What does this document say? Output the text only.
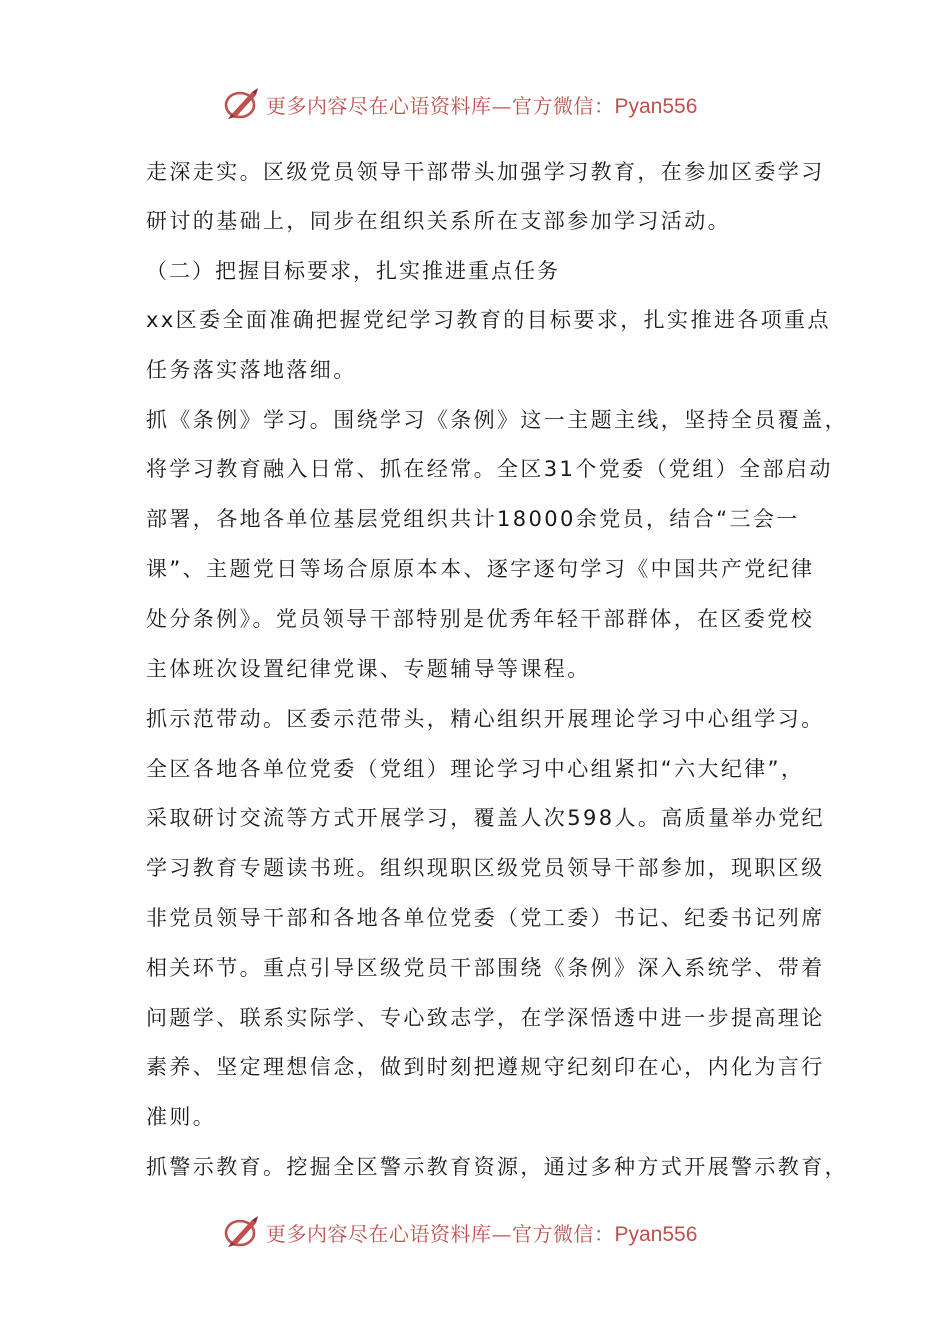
更多内容尽在心语资料库—官方微信：Pyan556
走深走实。区级党员领导干部带头加强学习教育，在参加区委学习
研讨的基础上，同步在组织关系所在支部参加学习活动。
（二）把握目标要求，扎实推进重点任务
xx区委全面准确把握党纪学习教育的目标要求，扎实推进各项重点
任务落实落地落细。
抓《条例》学习。围绕学习《条例》这一主题主线，坚持全员覆盖，
将学习教育融入日常、抓在经常。全区31个党委（党组）全部启动
部署，各地各单位基层党组织共计18000余党员，结合“三会一
课”、主题党日等场合原原本本、逐字逐句学习《中国共产党纪律
处分条例》。党员领导干部特别是优秀年轻干部群体，在区委党校
主体班次设置纪律党课、专题辅导等课程。
抓示范带动。区委示范带头，精心组织开展理论学习中心组学习。
全区各地各单位党委（党组）理论学习中心组紧扣“六大纪律”，
采取研讨交流等方式开展学习，覆盖人次598人。高质量举办党纪
学习教育专题读书班。组织现职区级党员领导干部参加，现职区级
非党员领导干部和各地各单位党委（党工委）书记、纪委书记列席
相关环节。重点引导区级党员干部围绕《条例》深入系统学、带着
问题学、联系实际学、专心致志学，在学深悟透中进一步提高理论
素养、坚定理想信念，做到时刻把遵规守纪刻印在心，内化为言行
准则。
抓警示教育。挖掘全区警示教育资源，通过多种方式开展警示教育，
更多内容尽在心语资料库—官方微信：Pyan556
